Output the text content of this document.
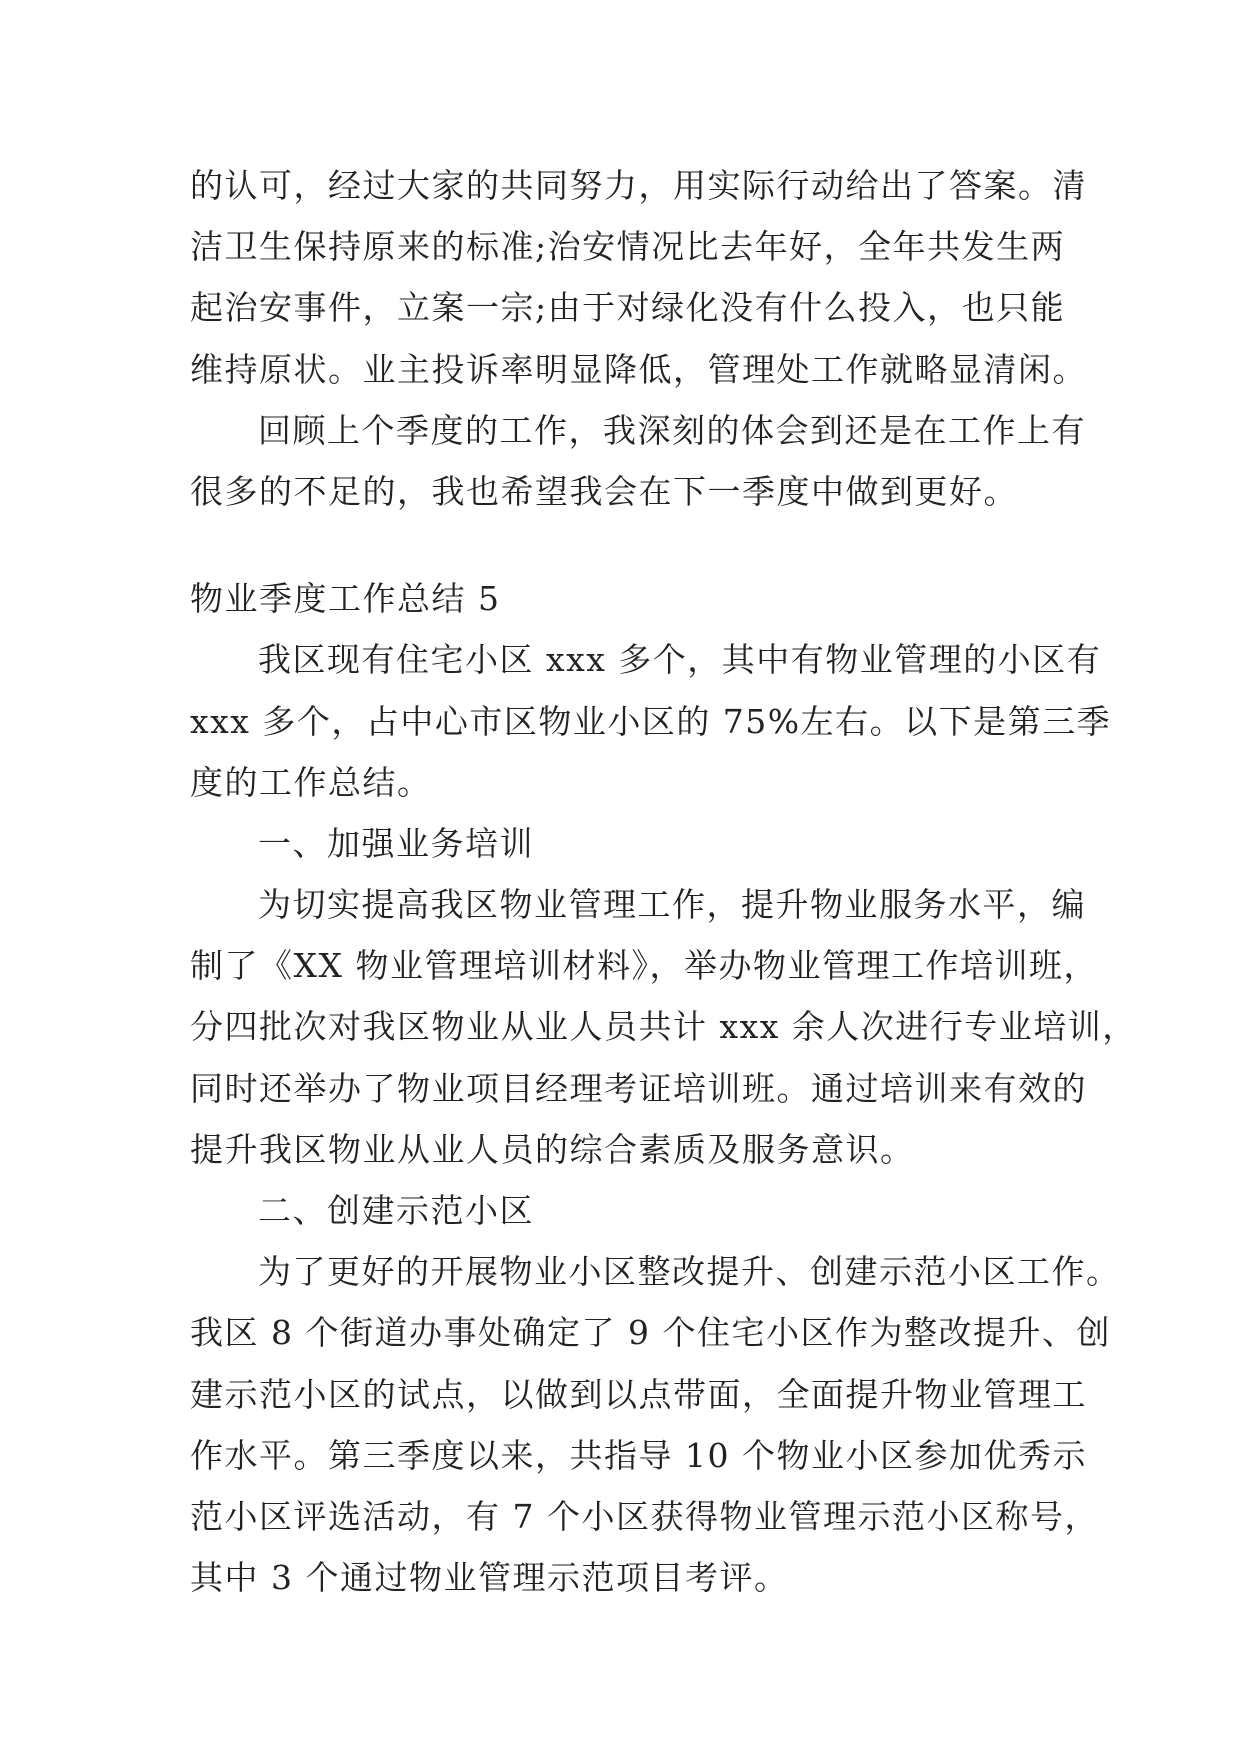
的认可，经过大家的共同努力，用实际行动给出了答案。清
洁卫生保持原来的标准;治安情况比去年好，全年共发生两
起治安事件，立案一宗;由于对绿化没有什么投入，也只能
维持原状。业主投诉率明显降低，管理处工作就略显清闲。
回顾上个季度的工作，我深刻的体会到还是在工作上有
很多的不足的，我也希望我会在下一季度中做到更好。
物业季度工作总结 5
我区现有住宅小区 xxx 多个，其中有物业管理的小区有
xxx 多个，占中心市区物业小区的 75%左右。以下是第三季
度的工作总结。
一、加强业务培训
为切实提高我区物业管理工作，提升物业服务水平，编
制了《XX 物业管理培训材料》，举办物业管理工作培训班，
分四批次对我区物业从业人员共计 xxx 余人次进行专业培训，
同时还举办了物业项目经理考证培训班。通过培训来有效的
提升我区物业从业人员的综合素质及服务意识。
二、创建示范小区
为了更好的开展物业小区整改提升、创建示范小区工作。
我区 8 个街道办事处确定了 9 个住宅小区作为整改提升、创
建示范小区的试点，以做到以点带面，全面提升物业管理工
作水平。第三季度以来，共指导 10 个物业小区参加优秀示
范小区评选活动，有 7 个小区获得物业管理示范小区称号，
其中 3 个通过物业管理示范项目考评。
